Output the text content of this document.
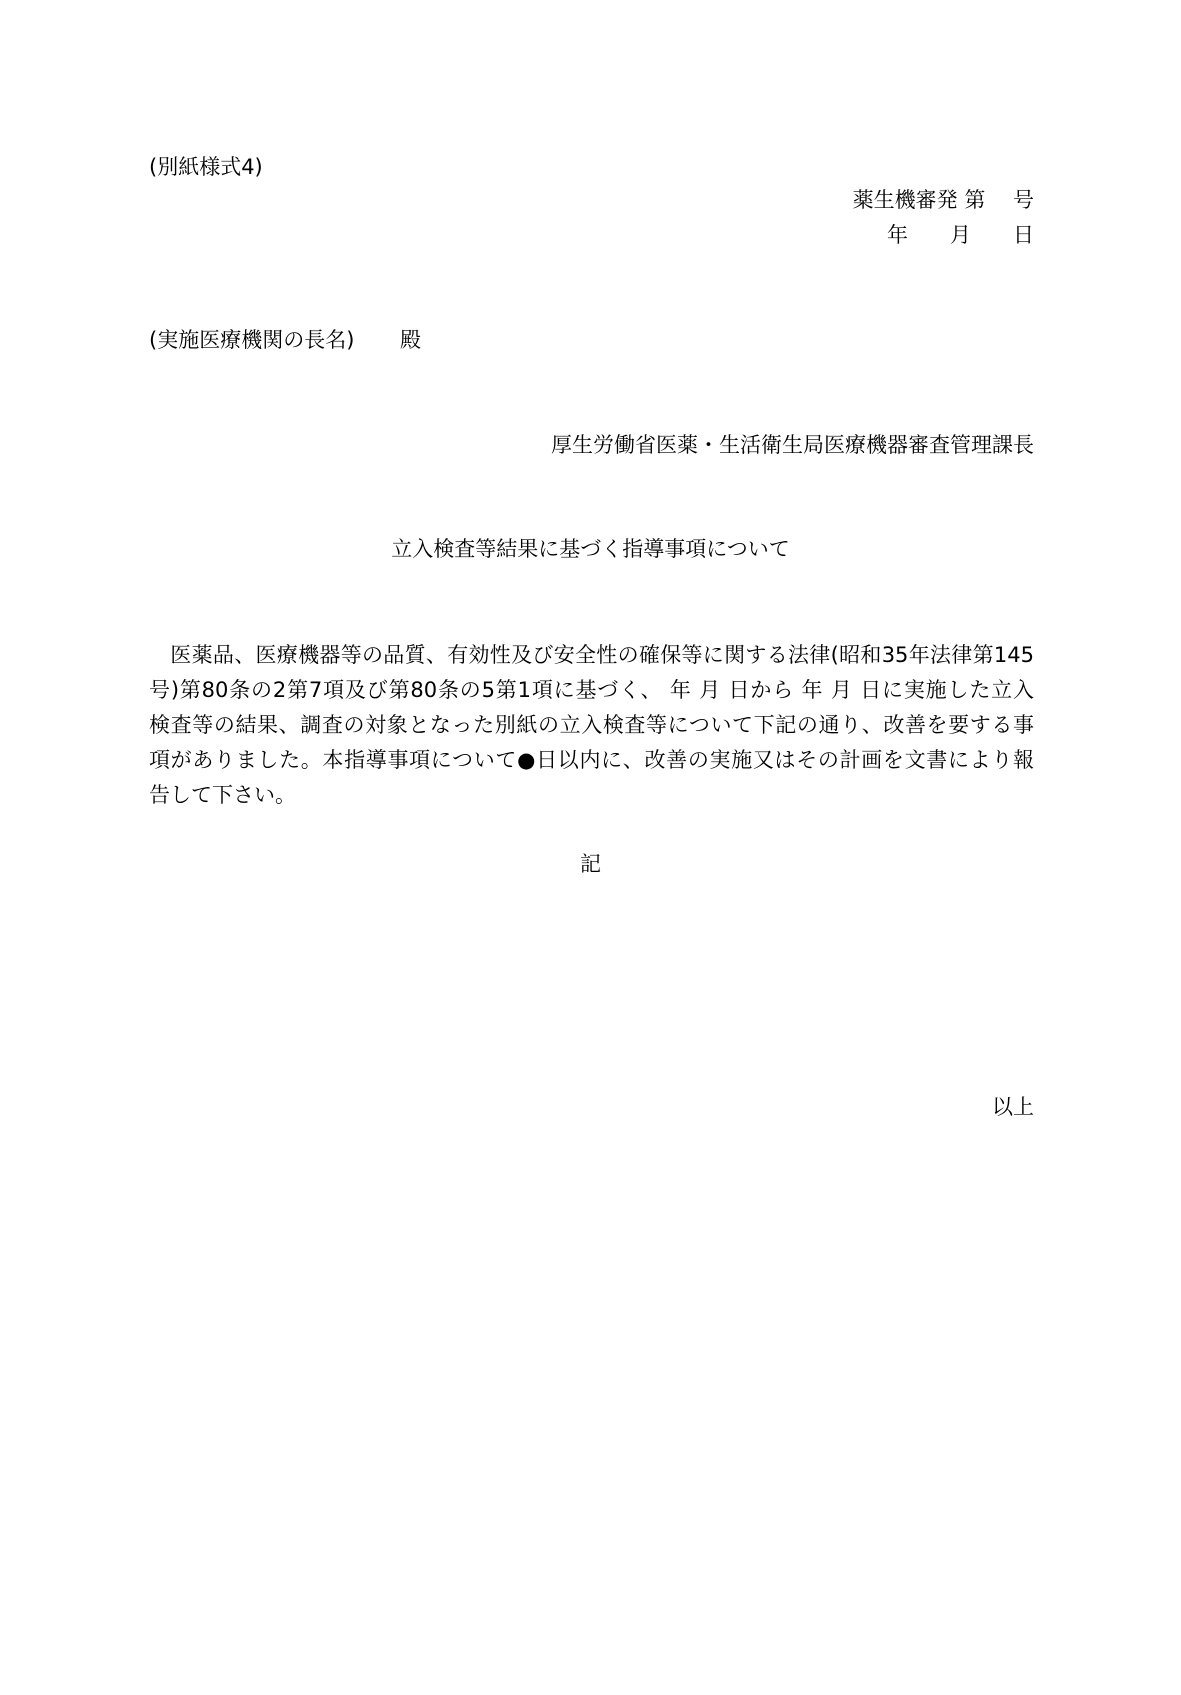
(別紙様式4)
薬生機審発 第　 号
年　　月　　日
(実施医療機関の長名) 殿
厚生労働省医薬・生活衛生局医療機器審査管理課長
立入検査等結果に基づく指導事項について
　医薬品、医療機器等の品質、有効性及び安全性の確保等に関する法律(昭和35年法律第145
号)第80条の2第7項及び第80条の5第1項に基づく、 年 月 日から 年 月 日に実施した立入
検査等の結果、調査の対象となった別紙の立入検査等について下記の通り、改善を要する事
項がありました。本指導事項について●日以内に、改善の実施又はその計画を文書により報
告して下さい。
記
以上
